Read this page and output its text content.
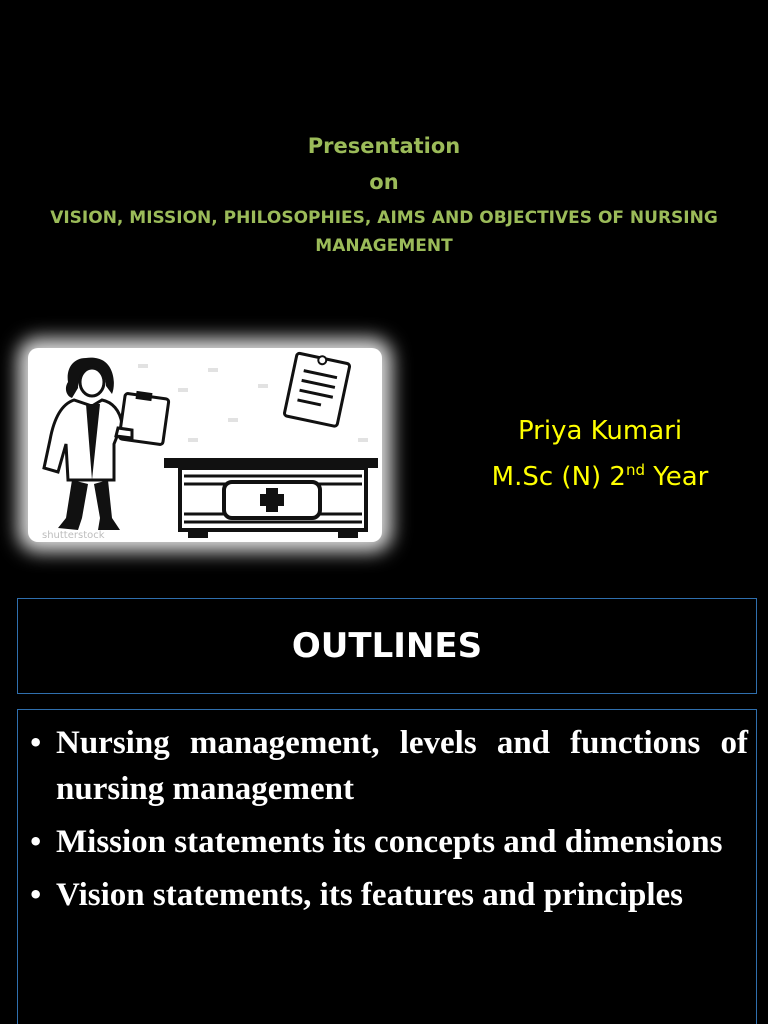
Presentation
on
VISION, MISSION, PHILOSOPHIES, AIMS AND OBJECTIVES OF NURSING MANAGEMENT
shutterstock
Priya Kumari
M.Sc (N) 2nd Year
OUTLINES
• Nursing management, levels and functions of nursing management
• Mission statements its concepts and dimensions
• Vision statements, its features and principles
